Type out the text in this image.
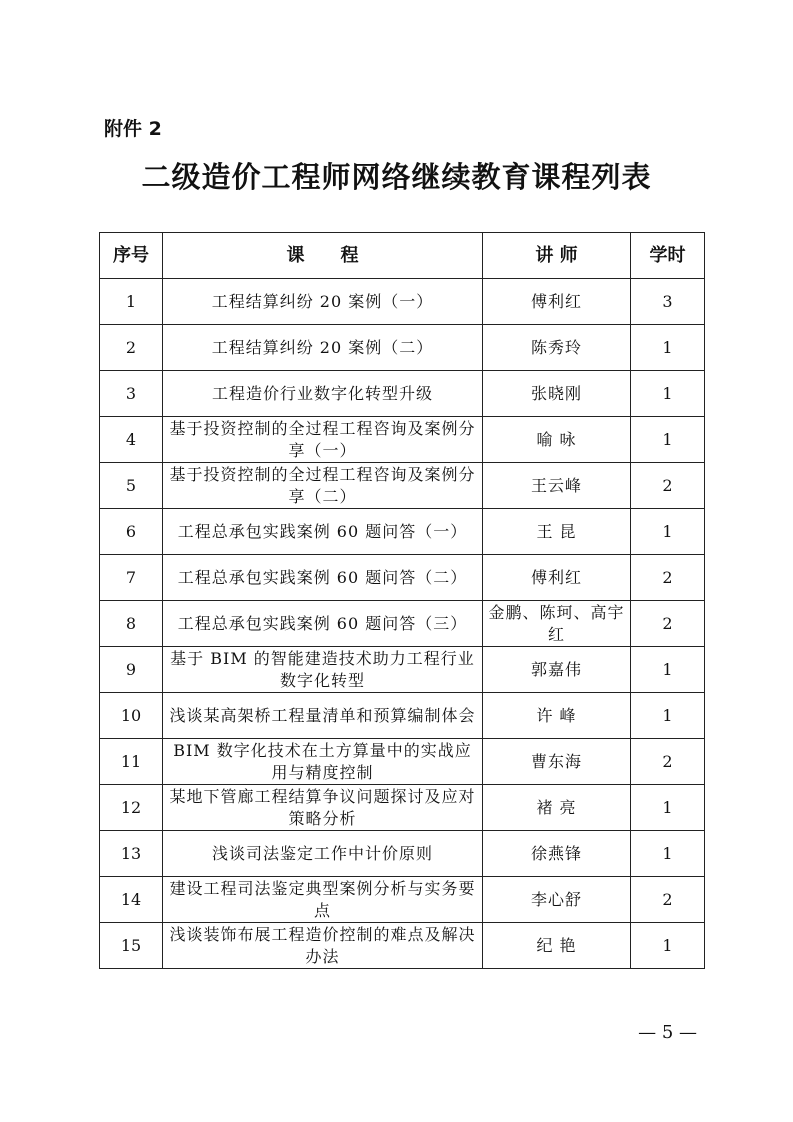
附件 2
二级造价工程师网络继续教育课程列表
序号	课　　程	讲 师	学时
1	工程结算纠纷 20 案例（一）	傅利红	3
2	工程结算纠纷 20 案例（二）	陈秀玲	1
3	工程造价行业数字化转型升级	张晓刚	1
4	基于投资控制的全过程工程咨询及案例分享（一）	喻 咏	1
5	基于投资控制的全过程工程咨询及案例分享（二）	王云峰	2
6	工程总承包实践案例 60 题问答（一）	王 昆	1
7	工程总承包实践案例 60 题问答（二）	傅利红	2
8	工程总承包实践案例 60 题问答（三）	金鹏、陈珂、高宇红	2
9	基于 BIM 的智能建造技术助力工程行业数字化转型	郭嘉伟	1
10	浅谈某高架桥工程量清单和预算编制体会	许 峰	1
11	BIM 数字化技术在土方算量中的实战应用与精度控制	曹东海	2
12	某地下管廊工程结算争议问题探讨及应对策略分析	褚 亮	1
13	浅谈司法鉴定工作中计价原则	徐燕锋	1
14	建设工程司法鉴定典型案例分析与实务要点	李心舒	2
15	浅谈装饰布展工程造价控制的难点及解决办法	纪 艳	1
— 5 —
